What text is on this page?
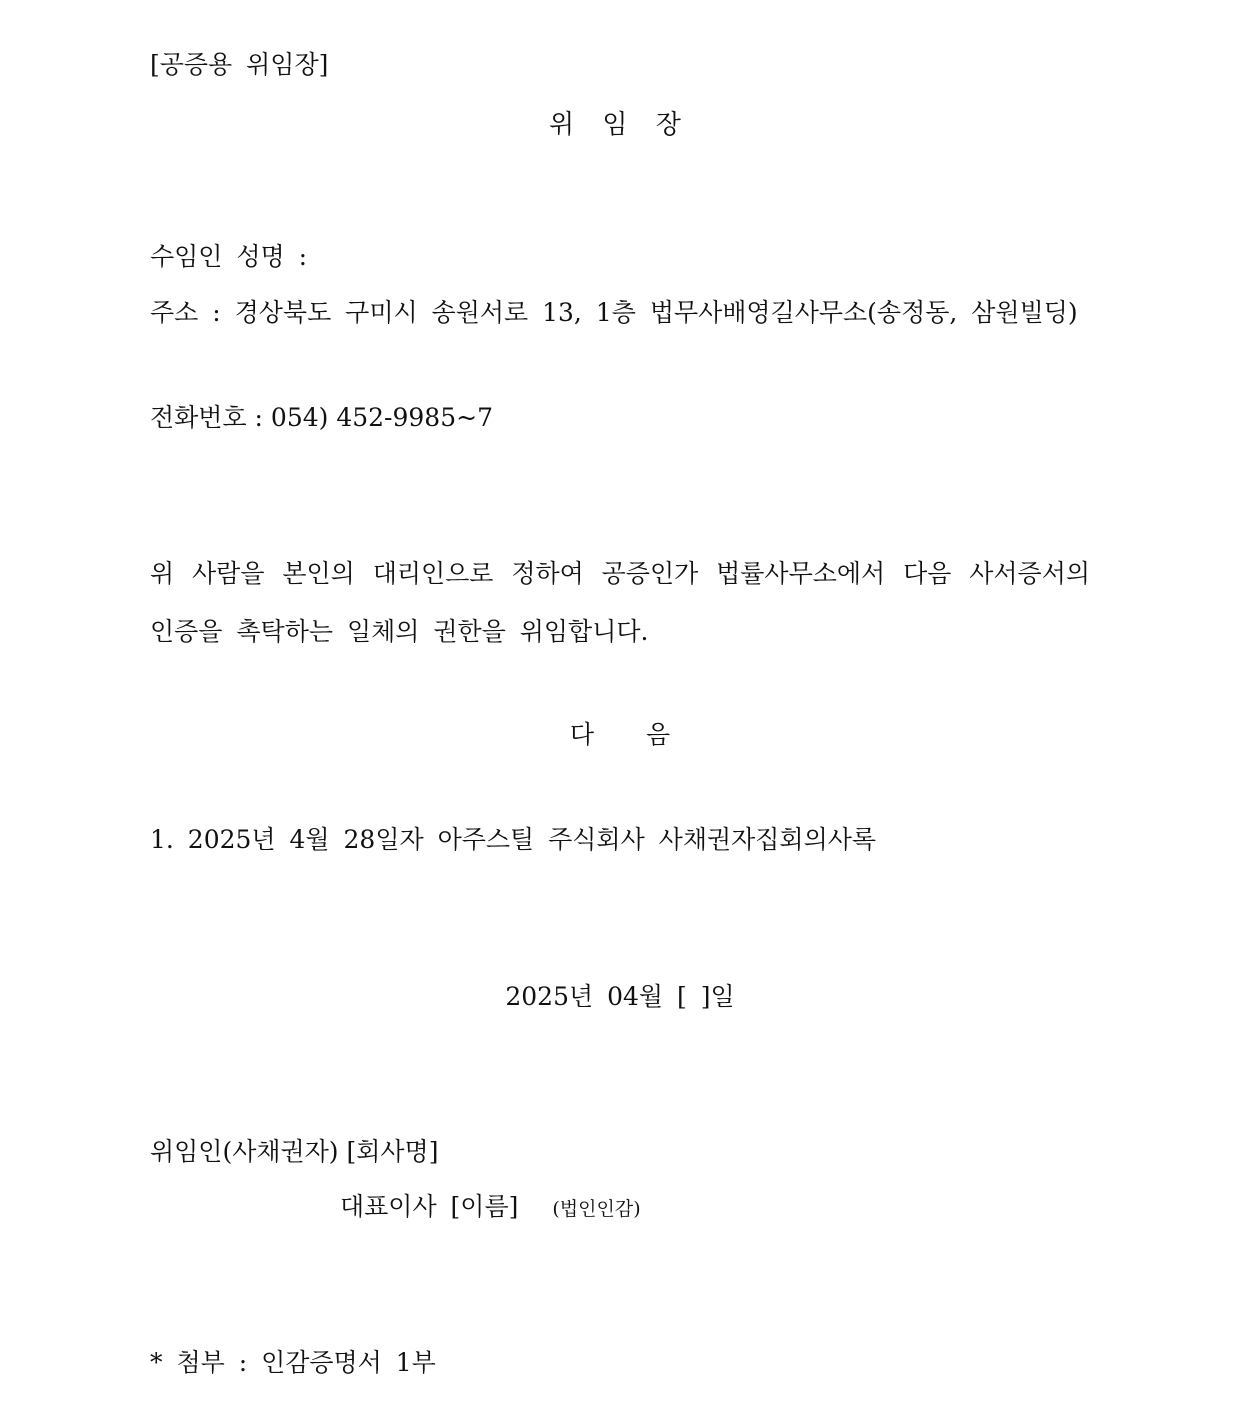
[공증용 위임장]
위 임 장
수임인 성명 :
주소 : 경상북도 구미시 송원서로 13, 1층 법무사배영길사무소(송정동, 삼원빌딩)
전화번호 : 054) 452-9985~7
위 사람을 본인의 대리인으로 정하여 공증인가 법률사무소에서 다음 사서증서의 인증을 촉탁하는 일체의 권한을 위임합니다.
다 음
1. 2025년 4월 28일자 아주스틸 주식회사 사채권자집회의사록
2025년 04월 [ ]일
위임인(사채권자) [회사명]
대표이사 [이름] (법인인감)
* 첨부 : 인감증명서 1부
